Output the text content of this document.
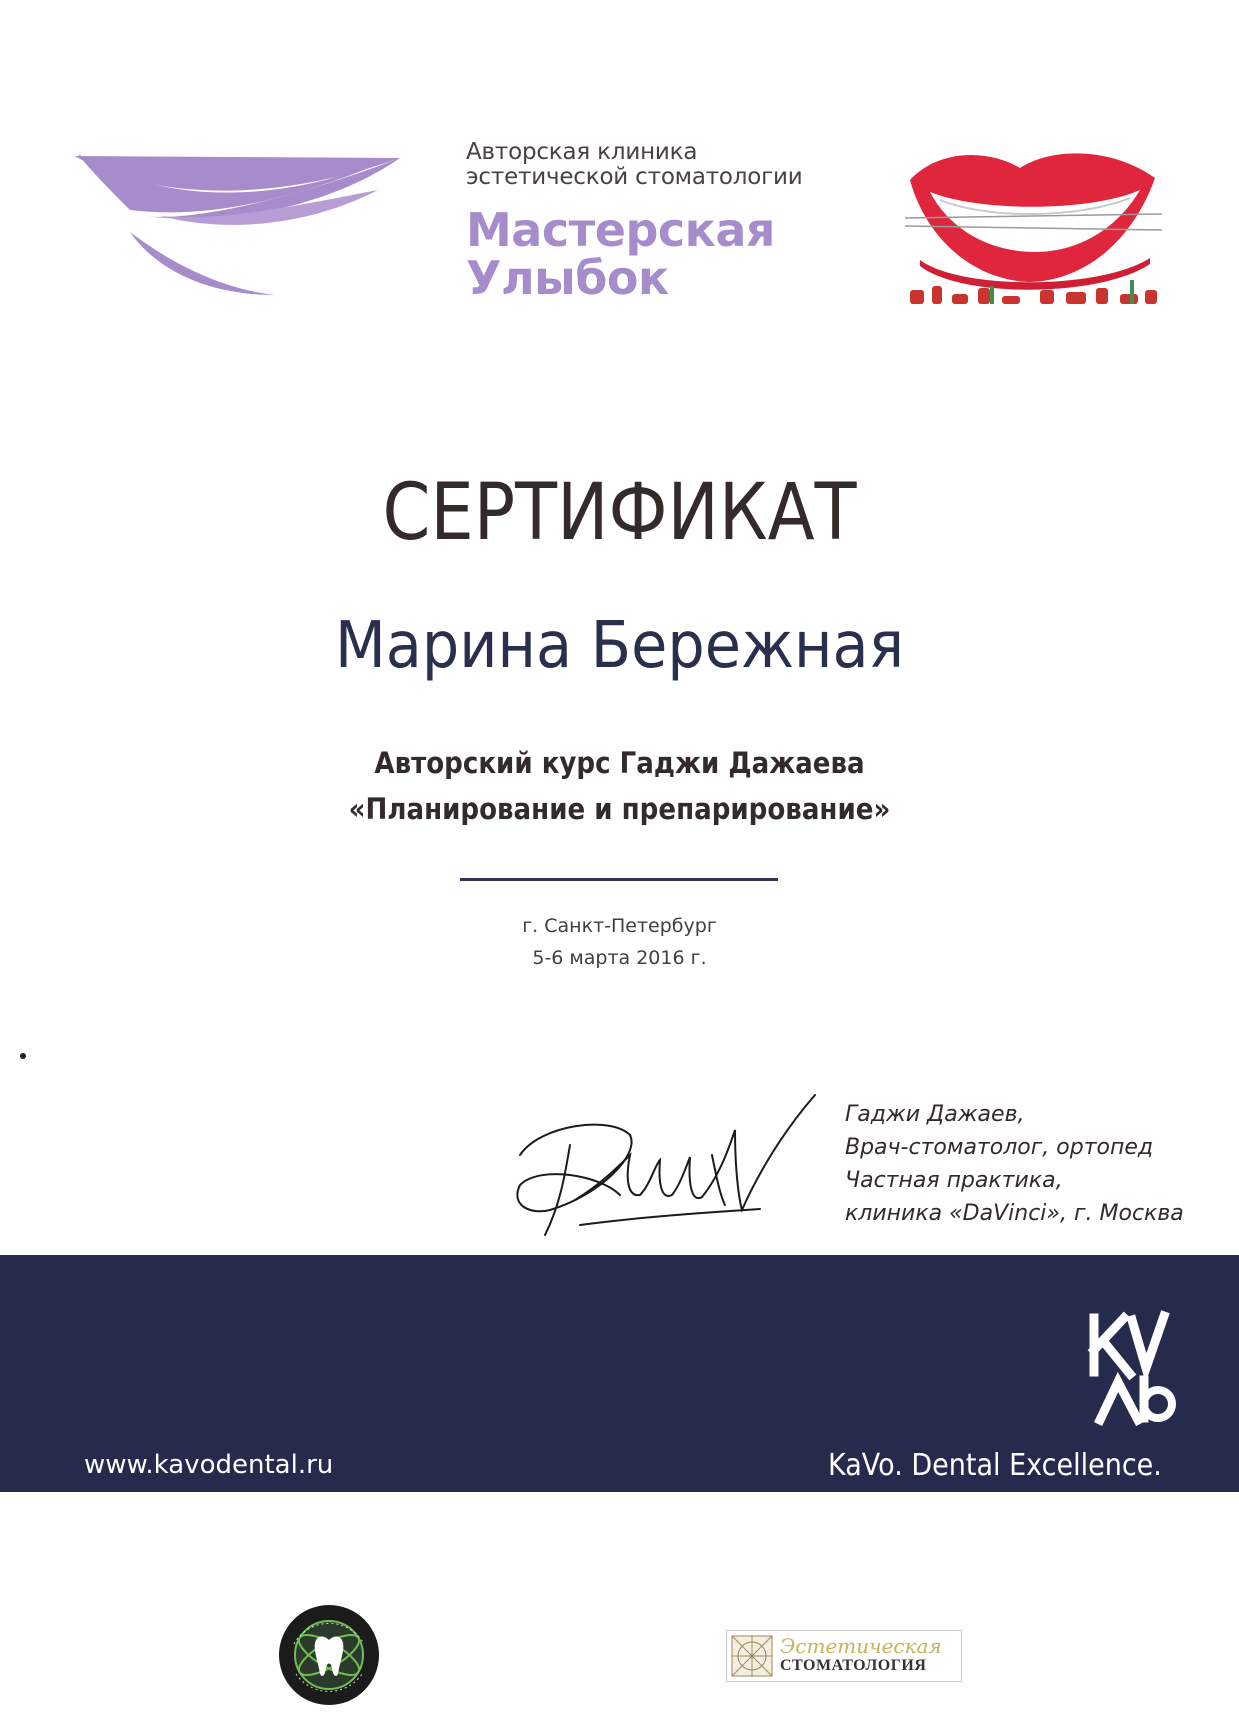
Авторская клиника
эстетической стоматологии
Мастерская
Улыбок
СЕРТИФИКАТ
Марина Бережная
Авторский курс Гаджи Дажаева
«Планирование и препарирование»
г. Санкт-Петербург
5-6 марта 2016 г.
Гаджи Дажаев,
Врач-стоматолог, ортопед
Частная практика,
клиника «DaVinci», г. Москва
www.kavodental.ru	KaVo. Dental Excellence.
Эстетическая
СТОМАТОЛОГИЯ
